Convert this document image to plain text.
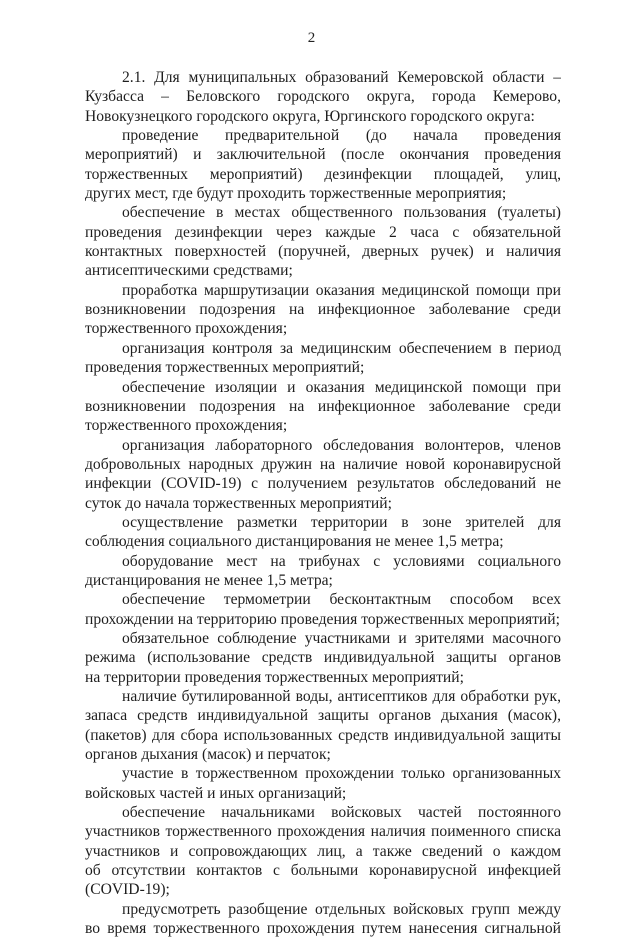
2
2.1. Для муниципальных образований Кемеровской области –
Кузбасса – Беловского городского округа, города Кемерово,
Новокузнецкого городского округа, Юргинского городского округа:
проведение предварительной (до начала проведения
мероприятий) и заключительной (после окончания проведения
торжественных мероприятий) дезинфекции площадей, улиц,
других мест, где будут проходить торжественные мероприятия;
обеспечение в местах общественного пользования (туалеты)
проведения дезинфекции через каждые 2 часа с обязательной
контактных поверхностей (поручней, дверных ручек) и наличия
антисептическими средствами;
проработка маршрутизации оказания медицинской помощи при
возникновении подозрения на инфекционное заболевание среди
торжественного прохождения;
организация контроля за медицинским обеспечением в период
проведения торжественных мероприятий;
обеспечение изоляции и оказания медицинской помощи при
возникновении подозрения на инфекционное заболевание среди
торжественного прохождения;
организация лабораторного обследования волонтеров, членов
добровольных народных дружин на наличие новой коронавирусной
инфекции (COVID-19) с получением результатов обследований не
суток до начала торжественных мероприятий;
осуществление разметки территории в зоне зрителей для
соблюдения социального дистанцирования не менее 1,5 метра;
оборудование мест на трибунах с условиями социального
дистанцирования не менее 1,5 метра;
обеспечение термометрии бесконтактным способом всех
прохождении на территорию проведения торжественных мероприятий;
обязательное соблюдение участниками и зрителями масочного
режима (использование средств индивидуальной защиты органов
на территории проведения торжественных мероприятий;
наличие бутилированной воды, антисептиков для обработки рук,
запаса средств индивидуальной защиты органов дыхания (масок),
(пакетов) для сбора использованных средств индивидуальной защиты
органов дыхания (масок) и перчаток;
участие в торжественном прохождении только организованных
войсковых частей и иных организаций;
обеспечение начальниками войсковых частей постоянного
участников торжественного прохождения наличия поименного списка
участников и сопровождающих лиц, а также сведений о каждом
об отсутствии контактов с больными коронавирусной инфекцией
(COVID-19);
предусмотреть разобщение отдельных войсковых групп между
во время торжественного прохождения путем нанесения сигнальной
